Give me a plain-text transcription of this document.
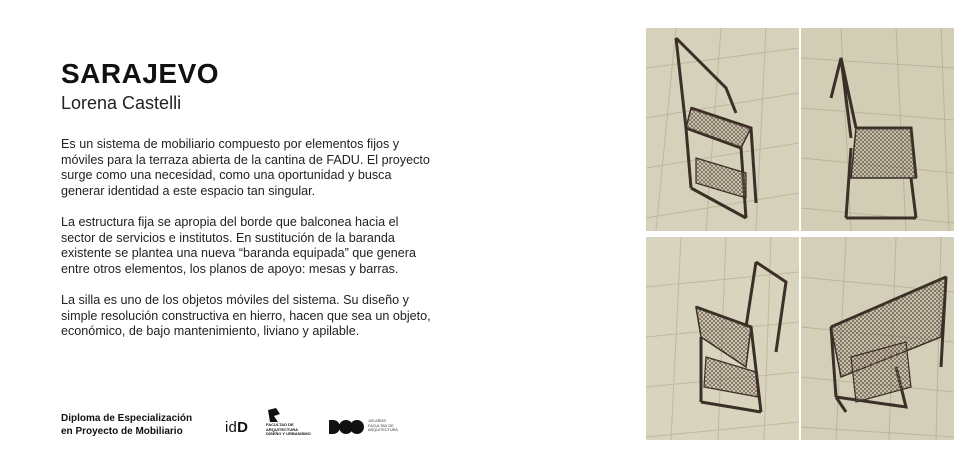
SARAJEVO
Lorena Castelli

Es un sistema de mobiliario compuesto por elementos fijos y móviles para la terraza abierta de la cantina de FADU. El proyecto surge como una necesidad, como una oportunidad y busca generar identidad a este espacio tan singular.

La estructura fija se apropia del borde que balconea hacia el sector de servicios e institutos. En sustitución de la baranda existente se plantea una nueva “baranda equipada” que genera entre otros elementos, los planos de apoyo: mesas y barras.

La silla es uno de los objetos móviles del sistema. Su diseño y simple resolución constructiva en hierro, hacen que sea un objeto, económico, de bajo mantenimiento, liviano y apilable.

Diploma de Especialización
en Proyecto de Mobiliario	idD	FACULTAD DE
ARQUITECTURA
DISEÑO Y URBANISMO
100 AÑOS
FACULTAD DE
ARQUITECTURA
